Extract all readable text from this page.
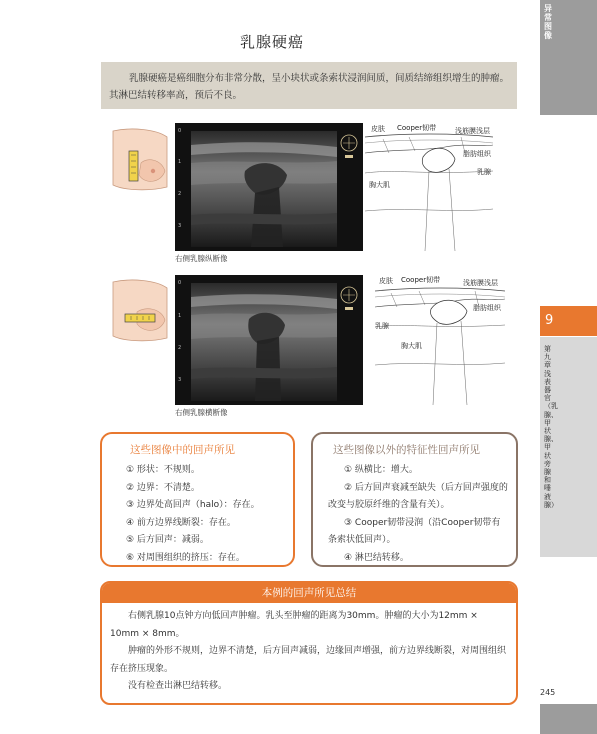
异常图像
9
第九章　浅表器官（乳腺、甲状腺、甲状旁腺和唾液腺）
乳腺硬癌
乳腺硬癌是癌细胞分布非常分散，呈小块状或条索状浸润间质，间质结缔组织增生的肿瘤。其淋巴结转移率高，预后不良。
0
1
2
3
右侧乳腺纵断像
皮肤 Cooper韧带	浅筋膜浅层
脂肪组织
乳腺
胸大肌
0
1
2
3
右侧乳腺横断像
皮肤 Cooper韧带	浅筋膜浅层
脂肪组织
乳腺
胸大肌
这些图像中的回声所见
① 形状：不规则。
② 边界：不清楚。
③ 边界处高回声（halo）：存在。
④ 前方边界线断裂：存在。
⑤ 后方回声：减弱。
⑥ 对周围组织的挤压：存在。
这些图像以外的特征性回声所见
① 纵横比：增大。
② 后方回声衰减至缺失（后方回声强度的改变与胶原纤维的含量有关）。
③ Cooper韧带浸润（沿Cooper韧带有条索状低回声）。
④ 淋巴结转移。
本例的回声所见总结

右侧乳腺10点钟方向低回声肿瘤。乳头至肿瘤的距离为30mm。肿瘤的大小为12mm × 10mm × 8mm。

肿瘤的外形不规则，边界不清楚，后方回声减弱，边缘回声增强，前方边界线断裂，对周围组织存在挤压现象。

没有检查出淋巴结转移。

245
